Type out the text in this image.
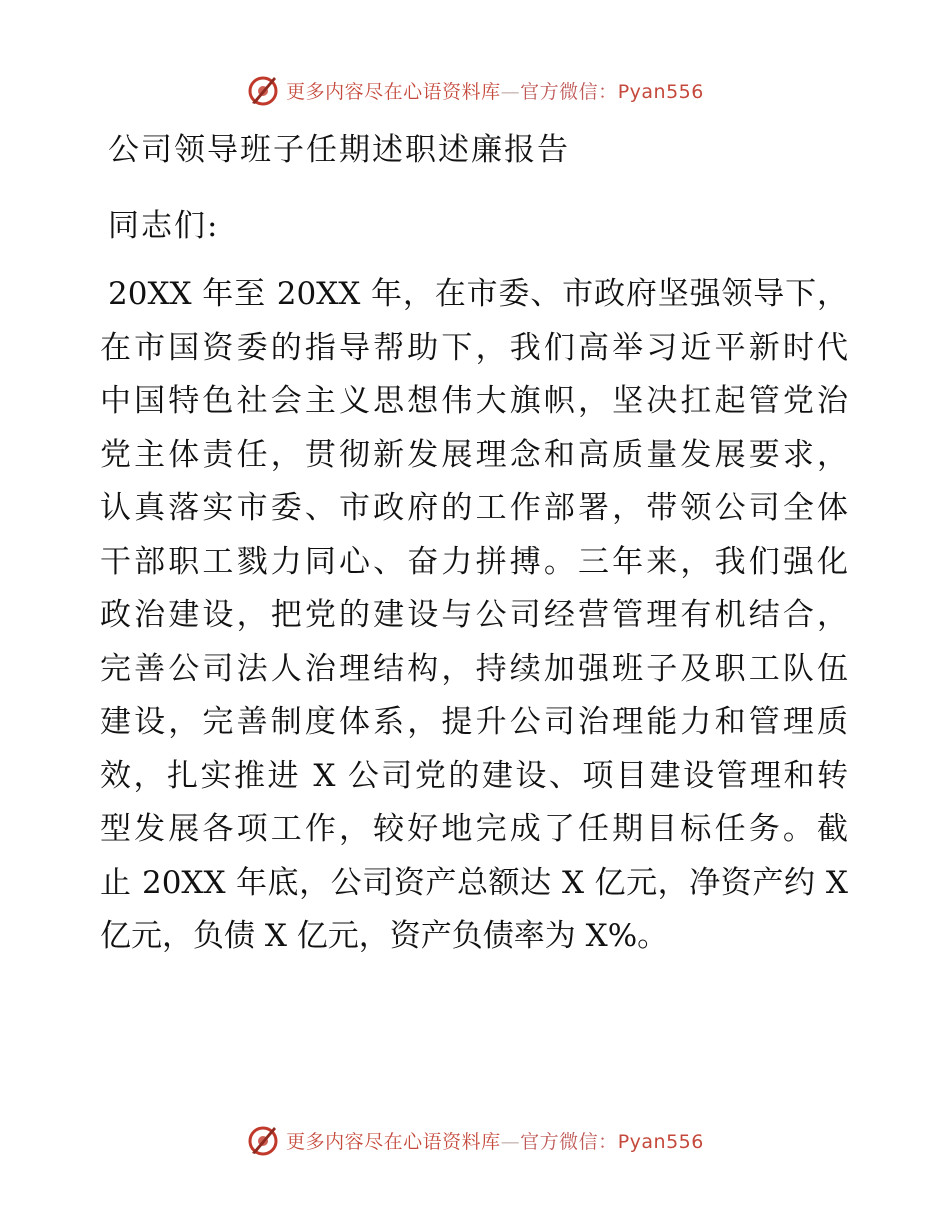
更多内容尽在心语资料库—官方微信：Pyan556
公司领导班子任期述职述廉报告
同志们:
20XX 年至 20XX 年，在市委、市政府坚强领导下，
在市国资委的指导帮助下，我们高举习近平新时代
中国特色社会主义思想伟大旗帜，坚决扛起管党治
党主体责任，贯彻新发展理念和高质量发展要求，
认真落实市委、市政府的工作部署，带领公司全体
干部职工戮力同心、奋力拼搏。三年来，我们强化
政治建设，把党的建设与公司经营管理有机结合，
完善公司法人治理结构，持续加强班子及职工队伍
建设，完善制度体系，提升公司治理能力和管理质
效，扎实推进 X 公司党的建设、项目建设管理和转
型发展各项工作，较好地完成了任期目标任务。截
止 20XX 年底，公司资产总额达 X 亿元，净资产约 X
亿元，负债 X 亿元，资产负债率为 X%。
更多内容尽在心语资料库—官方微信：Pyan556
